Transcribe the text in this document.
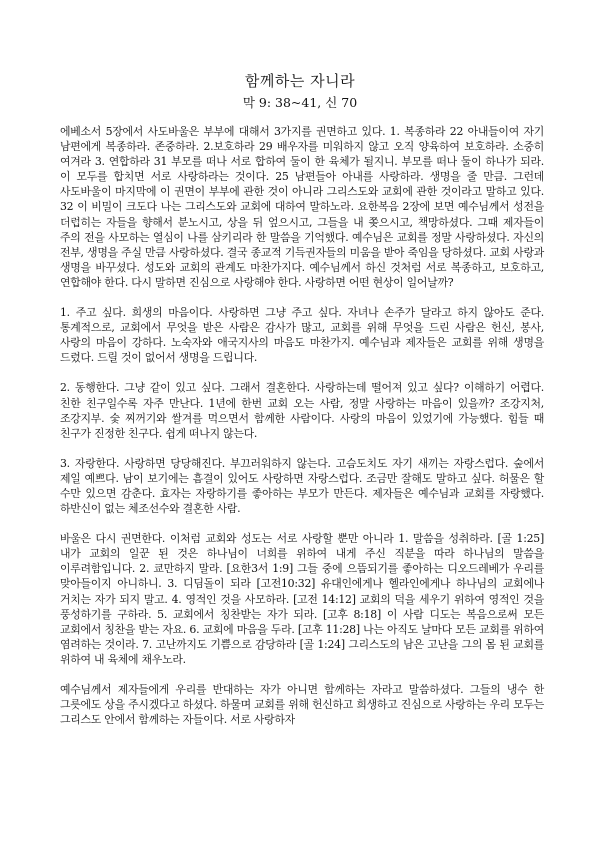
함께하는 자니라
막 9: 38~41, 신 70

에베소서 5장에서 사도바울은 부부에 대해서 3가지를 권면하고 있다. 1. 복종하라 22 아내들이여 자기 남편에게 복종하라. 존중하라. 2.보호하라 29 배우자를 미워하지 않고 오직 양육하여 보호하라. 소중히 여겨라 3. 연합하라 31 부모를 떠나 서로 합하여 둘이 한 육체가 될지니. 부모를 떠나 둘이 하나가 되라. 이 모두를 합치면 서로 사랑하라는 것이다. 25 남편들아 아내를 사랑하라. 생명을 줄 만큼. 그런데 사도바울이 마지막에 이 권면이 부부에 관한 것이 아니라 그리스도와 교회에 관한 것이라고 말하고 있다. 32 이 비밀이 크도다 나는 그리스도와 교회에 대하여 말하노라. 요한복음 2장에 보면 예수님께서 성전을 더럽히는 자들을 향해서 분노시고, 상을 뒤 엎으시고, 그들을 내 쫒으시고, 책망하셨다. 그때 제자들이 주의 전을 사모하는 열심이 나를 삼키리라 한 말씀을 기억했다. 예수님은 교회를 정말 사랑하셨다. 자신의 전부, 생명을 주실 만큼 사랑하셨다. 결국 종교적 기득권자들의 미움을 받아 죽임을 당하셨다. 교회 사랑과 생명을 바꾸셨다. 성도와 교회의 관계도 마찬가지다. 예수님께서 하신 것처럼 서로 복종하고, 보호하고, 연합해야 한다. 다시 말하면 진심으로 사랑해야 한다. 사랑하면 어떤 현상이 일어날까?

1. 주고 싶다. 희생의 마음이다. 사랑하면 그냥 주고 싶다. 자녀나 손주가 달라고 하지 않아도 준다. 통계적으로, 교회에서 무엇을 받은 사람은 감사가 많고, 교회를 위해 무엇을 드린 사람은 헌신, 봉사, 사랑의 마음이 강하다. 노숙자와 애국지사의 마음도 마찬가지. 예수님과 제자들은 교회를 위해 생명을 드렸다. 드릴 것이 없어서 생명을 드립니다.

2. 동행한다. 그냥 같이 있고 싶다. 그래서 결혼한다. 사랑하는데 떨어져 있고 싶다? 이해하기 어렵다. 친한 친구일수록 자주 만난다. 1년에 한번 교회 오는 사람, 정말 사랑하는 마음이 있을까? 조강지처, 조강지부. 숯 찌꺼기와 쌀겨를 먹으면서 함께한 사람이다. 사랑의 마음이 있었기에 가능했다. 힘들 때 친구가 진정한 친구다. 쉽게 떠나지 않는다.

3. 자랑한다. 사랑하면 당당해진다. 부끄러워하지 않는다. 고슴도치도 자기 새끼는 자랑스럽다. 숲에서 제일 예쁘다. 남이 보기에는 흠결이 있어도 사랑하면 자랑스럽다. 조금만 잘해도 말하고 싶다. 허물은 할 수만 있으면 감춘다. 효자는 자랑하기를 좋아하는 부모가 만든다. 제자들은 예수님과 교회를 자랑했다. 하반신이 없는 체조선수와 결혼한 사람.

바울은 다시 권면한다. 이처럼 교회와 성도는 서로 사랑할 뿐만 아니라 1. 말씀을 성취하라. [골 1:25] 내가 교회의 일꾼 된 것은 하나님이 너희를 위하여 내게 주신 직분을 따라 하나님의 말씀을 이루려함입니다. 2. 쿄만하지 말라. [요한3서 1:9] 그들 중에 으뜸되기를 좋아하는 디오드레베가 우리를 맞아들이지 아니하니. 3. 디딤돌이 되라 [고전10:32] 유대인에게나 헬라인에게나 하나님의 교회에나 거치는 자가 되지 말고. 4. 영적인 것을 사모하라. [고전 14:12] 교회의 덕을 세우기 위하여 영적인 것을 풍성하기를 구하라. 5. 교회에서 칭찬받는 자가 되라. [고후 8:18] 이 사람 디도는 복음으로써 모든 교회에서 칭찬을 받는 자요. 6. 교회에 마음을 두라. [고후 11:28] 나는 아직도 날마다 모든 교회를 위하여 염려하는 것이라. 7. 고난까지도 기쁨으로 감당하라 [골 1:24] 그리스도의 남은 고난을 그의 몸 된 교회를 위하여 내 육체에 채우노라.

예수님께서 제자들에게 우리를 반대하는 자가 아니면 함께하는 자라고 말씀하셨다. 그들의 냉수 한 그릇에도 상을 주시겠다고 하셨다. 하물며 교회를 위해 헌신하고 희생하고 진심으로 사랑하는 우리 모두는 그리스도 안에서 함께하는 자들이다. 서로 사랑하자
